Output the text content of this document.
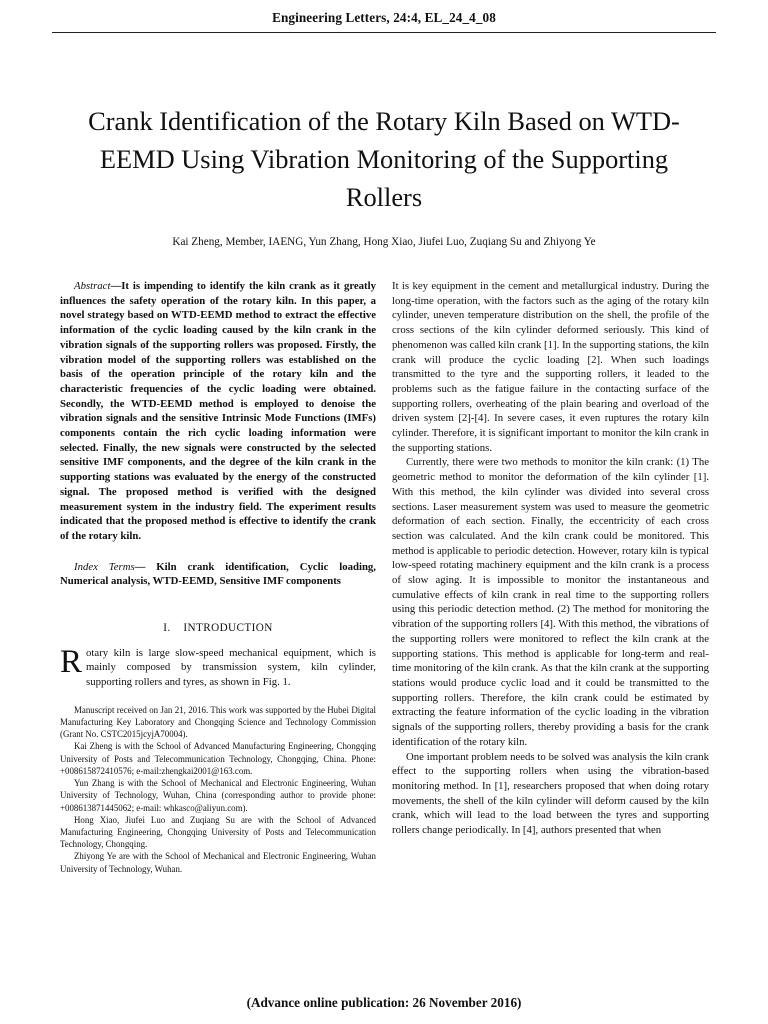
Engineering Letters, 24:4, EL_24_4_08
Crank Identification of the Rotary Kiln Based on WTD-EEMD Using Vibration Monitoring of the Supporting Rollers
Kai Zheng, Member, IAENG, Yun Zhang, Hong Xiao, Jiufei Luo, Zuqiang Su and Zhiyong Ye

Abstract—It is impending to identify the kiln crank as it greatly influences the safety operation of the rotary kiln. In this paper, a novel strategy based on WTD-EEMD method to extract the effective information of the cyclic loading caused by the kiln crank in the vibration signals of the supporting rollers was proposed. Firstly, the vibration model of the supporting rollers was established on the basis of the operation principle of the rotary kiln and the characteristic frequencies of the cyclic loading were obtained. Secondly, the WTD-EEMD method is employed to denoise the vibration signals and the sensitive Intrinsic Mode Functions (IMFs) components contain the rich cyclic loading information were selected. Finally, the new signals were constructed by the selected sensitive IMF components, and the degree of the kiln crank in the supporting stations was evaluated by the energy of the constructed signal. The proposed method is verified with the designed measurement system in the industry field. The experiment results indicated that the proposed method is effective to identify the crank of the rotary kiln.

Index Terms— Kiln crank identification, Cyclic loading, Numerical analysis, WTD-EEMD, Sensitive IMF components

I. INTRODUCTION

Rotary kiln is large slow-speed mechanical equipment, which is mainly composed by transmission system, kiln cylinder, supporting rollers and tyres, as shown in Fig. 1.

Manuscript received on Jan 21, 2016. This work was supported by the Hubei Digital Manufacturing Key Laboratory and Chongqing Science and Technology Commission (Grant No. CSTC2015jcyjA70004).

Kai Zheng is with the School of Advanced Manufacturing Engineering, Chongqing University of Posts and Telecommunication Technology, Chongqing, China. Phone: +008615872410576; e-mail:zhengkai2001@163.com.

Yun Zhang is with the School of Mechanical and Electronic Engineering, Wuhan University of Technology, Wuhan, China (corresponding author to provide phone: +008613871445062; e-mail: whkasco@aliyun.com).

Hong Xiao, Jiufei Luo and Zuqiang Su are with the School of Advanced Manufacturing Engineering, Chongqing University of Posts and Telecommunication Technology, Chongqing.

Zhiyong Ye are with the School of Mechanical and Electronic Engineering, Wuhan University of Technology, Wuhan.

It is key equipment in the cement and metallurgical industry. During the long-time operation, with the factors such as the aging of the rotary kiln cylinder, uneven temperature distribution on the shell, the profile of the cross sections of the kiln cylinder deformed seriously. This kind of phenomenon was called kiln crank [1]. In the supporting stations, the kiln crank will produce the cyclic loading [2]. When such loadings transmitted to the tyre and the supporting rollers, it leaded to the problems such as the fatigue failure in the contacting surface of the supporting rollers, overheating of the plain bearing and overload of the driven system [2]-[4]. In severe cases, it even ruptures the rotary kiln cylinder. Therefore, it is significant important to monitor the kiln crank in the supporting stations.

Currently, there were two methods to monitor the kiln crank: (1) The geometric method to monitor the deformation of the kiln cylinder [1]. With this method, the kiln cylinder was divided into several cross sections. Laser measurement system was used to measure the geometric deformation of each section. Finally, the eccentricity of each cross section was calculated. And the kiln crank could be monitored. This method is applicable to periodic detection. However, rotary kiln is typical low-speed rotating machinery equipment and the kiln crank is a process of slow aging. It is impossible to monitor the instantaneous and cumulative effects of kiln crank in real time to the supporting rollers using this periodic detection method. (2) The method for monitoring the vibration of the supporting rollers [4]. With this method, the vibrations of the supporting rollers were monitored to reflect the kiln crank at the supporting stations. This method is applicable for long-term and real-time monitoring of the kiln crank. As that the kiln crank at the supporting stations would produce cyclic load and it could be transmitted to the supporting rollers. Therefore, the kiln crank could be estimated by extracting the feature information of the cyclic loading in the vibration signals of the supporting rollers, thereby providing a basis for the crank identification of the rotary kiln.

One important problem needs to be solved was analysis the kiln crank effect to the supporting rollers when using the vibration-based monitoring method. In [1], researchers proposed that when doing rotary movements, the shell of the kiln cylinder will deform caused by the kiln crank, which will lead to the load between the tyres and supporting rollers change periodically. In [4], authors presented that when

(Advance online publication: 26 November 2016)
